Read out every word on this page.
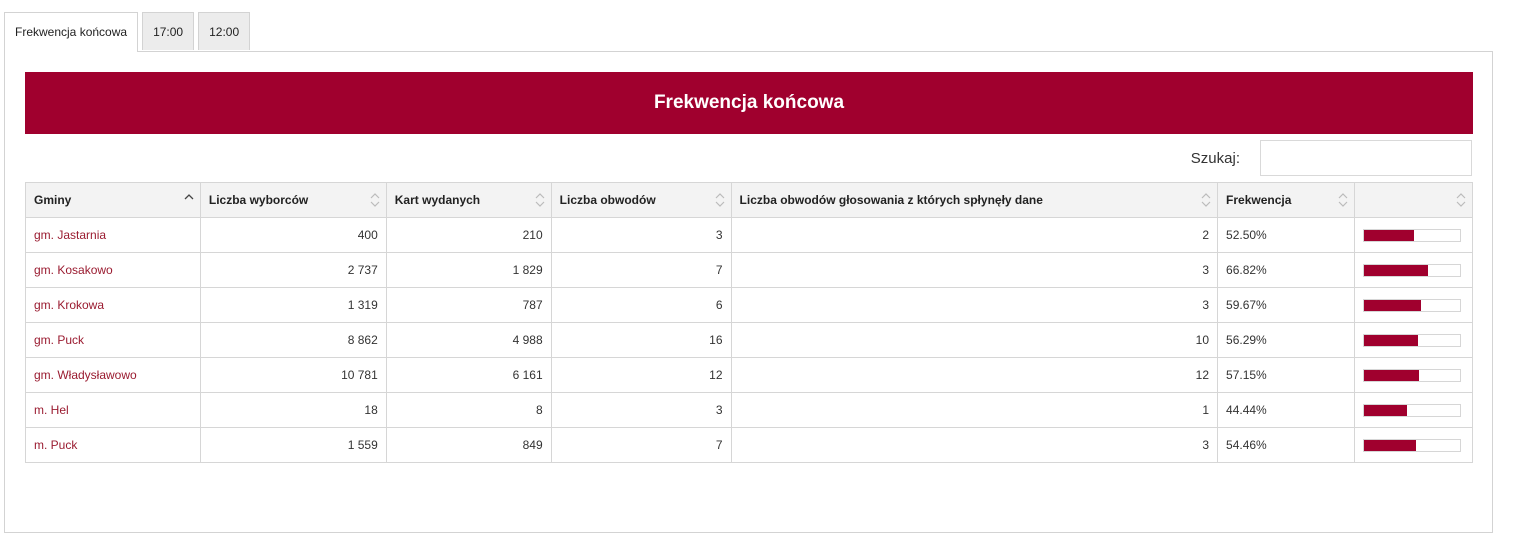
Frekwencja końcowa	17:00	12:00
Frekwencja końcowa
Szukaj:
Gminy	Liczba wyborców	Kart wydanych	Liczba obwodów	Liczba obwodów głosowania z których spłynęły dane	Frekwencja

gm. Jastarnia	400	210	3	2	52.50%	

gm. Kosakowo	2 737	1 829	7	3	66.82%	

gm. Krokowa	1 319	787	6	3	59.67%	

gm. Puck	8 862	4 988	16	10	56.29%	

gm. Władysławowo	10 781	6 161	12	12	57.15%	

m. Hel	18	8	3	1	44.44%	

m. Puck	1 559	849	7	3	54.46%	
